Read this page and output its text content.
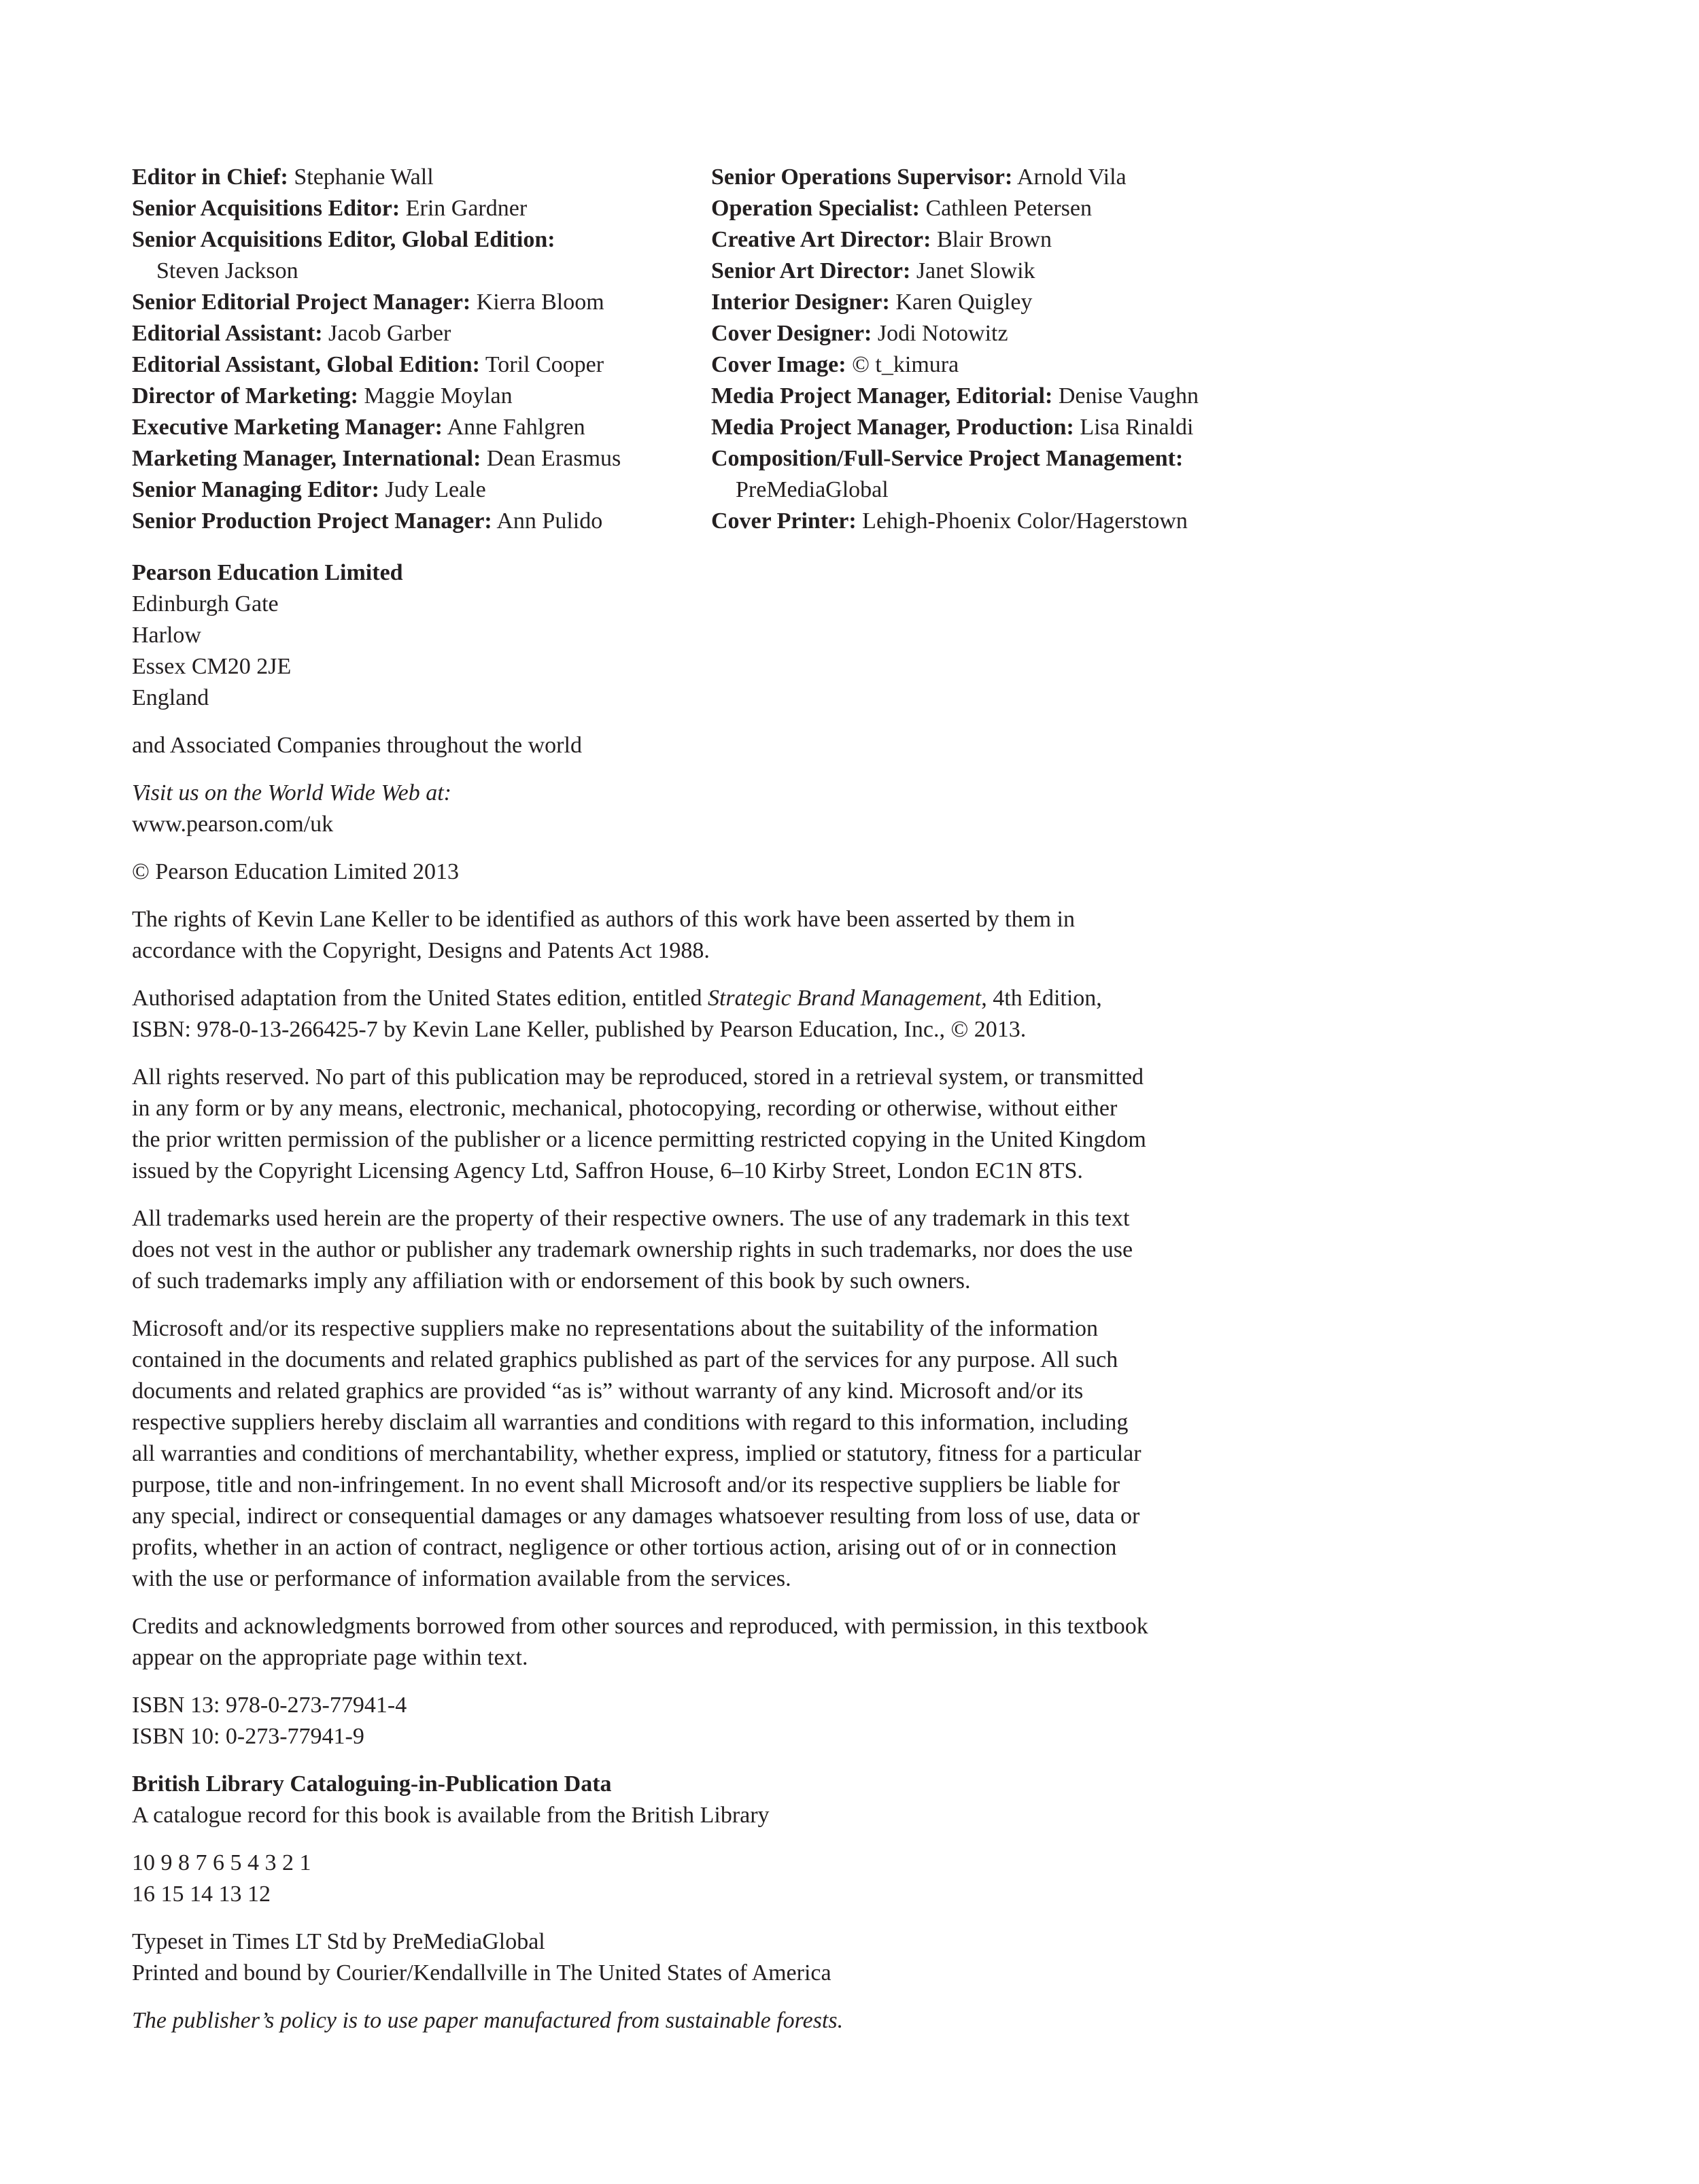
Editor in Chief: Stephanie Wall
Senior Acquisitions Editor: Erin Gardner
Senior Acquisitions Editor, Global Edition:
Steven Jackson
Senior Editorial Project Manager: Kierra Bloom
Editorial Assistant: Jacob Garber
Editorial Assistant, Global Edition: Toril Cooper
Director of Marketing: Maggie Moylan
Executive Marketing Manager: Anne Fahlgren
Marketing Manager, International: Dean Erasmus
Senior Managing Editor: Judy Leale
Senior Production Project Manager: Ann Pulido
Senior Operations Supervisor: Arnold Vila
Operation Specialist: Cathleen Petersen
Creative Art Director: Blair Brown
Senior Art Director: Janet Slowik
Interior Designer: Karen Quigley
Cover Designer: Jodi Notowitz
Cover Image: © t_kimura
Media Project Manager, Editorial: Denise Vaughn
Media Project Manager, Production: Lisa Rinaldi
Composition/Full-Service Project Management:
PreMediaGlobal
Cover Printer: Lehigh-Phoenix Color/Hagerstown
Pearson Education Limited
Edinburgh Gate
Harlow
Essex CM20 2JE
England
and Associated Companies throughout the world
Visit us on the World Wide Web at:
www.pearson.com/uk
© Pearson Education Limited 2013
The rights of Kevin Lane Keller to be identified as authors of this work have been asserted by them in
accordance with the Copyright, Designs and Patents Act 1988.
Authorised adaptation from the United States edition, entitled Strategic Brand Management, 4th Edition,
ISBN: 978-0-13-266425-7 by Kevin Lane Keller, published by Pearson Education, Inc., © 2013.
All rights reserved. No part of this publication may be reproduced, stored in a retrieval system, or transmitted
in any form or by any means, electronic, mechanical, photocopying, recording or otherwise, without either
the prior written permission of the publisher or a licence permitting restricted copying in the United Kingdom
issued by the Copyright Licensing Agency Ltd, Saffron House, 6–10 Kirby Street, London EC1N 8TS.
All trademarks used herein are the property of their respective owners. The use of any trademark in this text
does not vest in the author or publisher any trademark ownership rights in such trademarks, nor does the use
of such trademarks imply any affiliation with or endorsement of this book by such owners.
Microsoft and/or its respective suppliers make no representations about the suitability of the information
contained in the documents and related graphics published as part of the services for any purpose. All such
documents and related graphics are provided “as is” without warranty of any kind. Microsoft and/or its
respective suppliers hereby disclaim all warranties and conditions with regard to this information, including
all warranties and conditions of merchantability, whether express, implied or statutory, fitness for a particular
purpose, title and non-infringement. In no event shall Microsoft and/or its respective suppliers be liable for
any special, indirect or consequential damages or any damages whatsoever resulting from loss of use, data or
profits, whether in an action of contract, negligence or other tortious action, arising out of or in connection
with the use or performance of information available from the services.
Credits and acknowledgments borrowed from other sources and reproduced, with permission, in this textbook
appear on the appropriate page within text.
ISBN 13: 978-0-273-77941-4
ISBN 10: 0-273-77941-9
British Library Cataloguing-in-Publication Data
A catalogue record for this book is available from the British Library
10 9 8 7 6 5 4 3 2 1
16 15 14 13 12
Typeset in Times LT Std by PreMediaGlobal
Printed and bound by Courier/Kendallville in The United States of America
The publisher’s policy is to use paper manufactured from sustainable forests.
